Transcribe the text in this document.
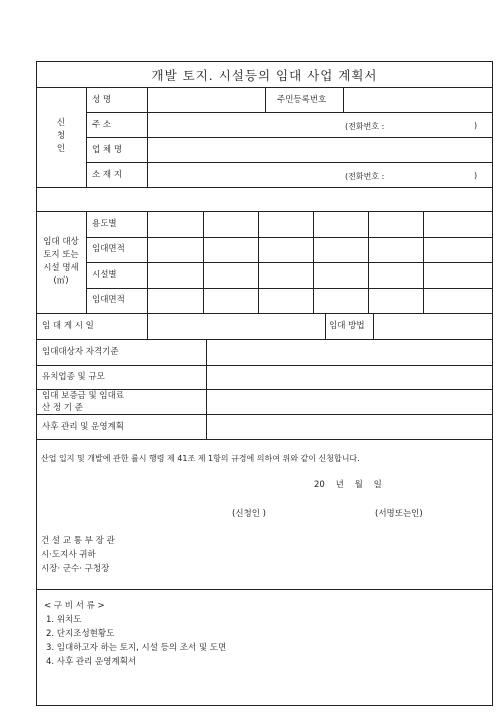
개발 토지. 시설등의 임대 사업 계획서
신
청
인
성 명	주민등록번호
주 소	(전화번호 :	)
업 체 명
소 재 지	(전화번호 :	)
임대 대상
토지 또는
시설 명세
(㎡)
용도별
임대면적
시설별
임대면적
임 대 게 시 일	임대 방법
임대대상자 자격기준
유치업종 및 규모
임대 보증금 및 임대료
산 정 기 준
사후 관리 및 운영계획
산업 입지 및 개발에 관한 률시 행령 제 41조 제 1항의 규경에 의하여 위와 같이 신청합니다.
20    년    월    일
(신청인 )	(서명또는인)
건 설 교 통 부 장 관
시·도지사 귀하
시장· 군수· 구청장
< 구 비 서 류 >
1. 위치도
2. 단지조성현황도
3. 임대하고자 하는 토지, 시설 등의 조서 및 도면
4. 사후 관리 운영계획서
